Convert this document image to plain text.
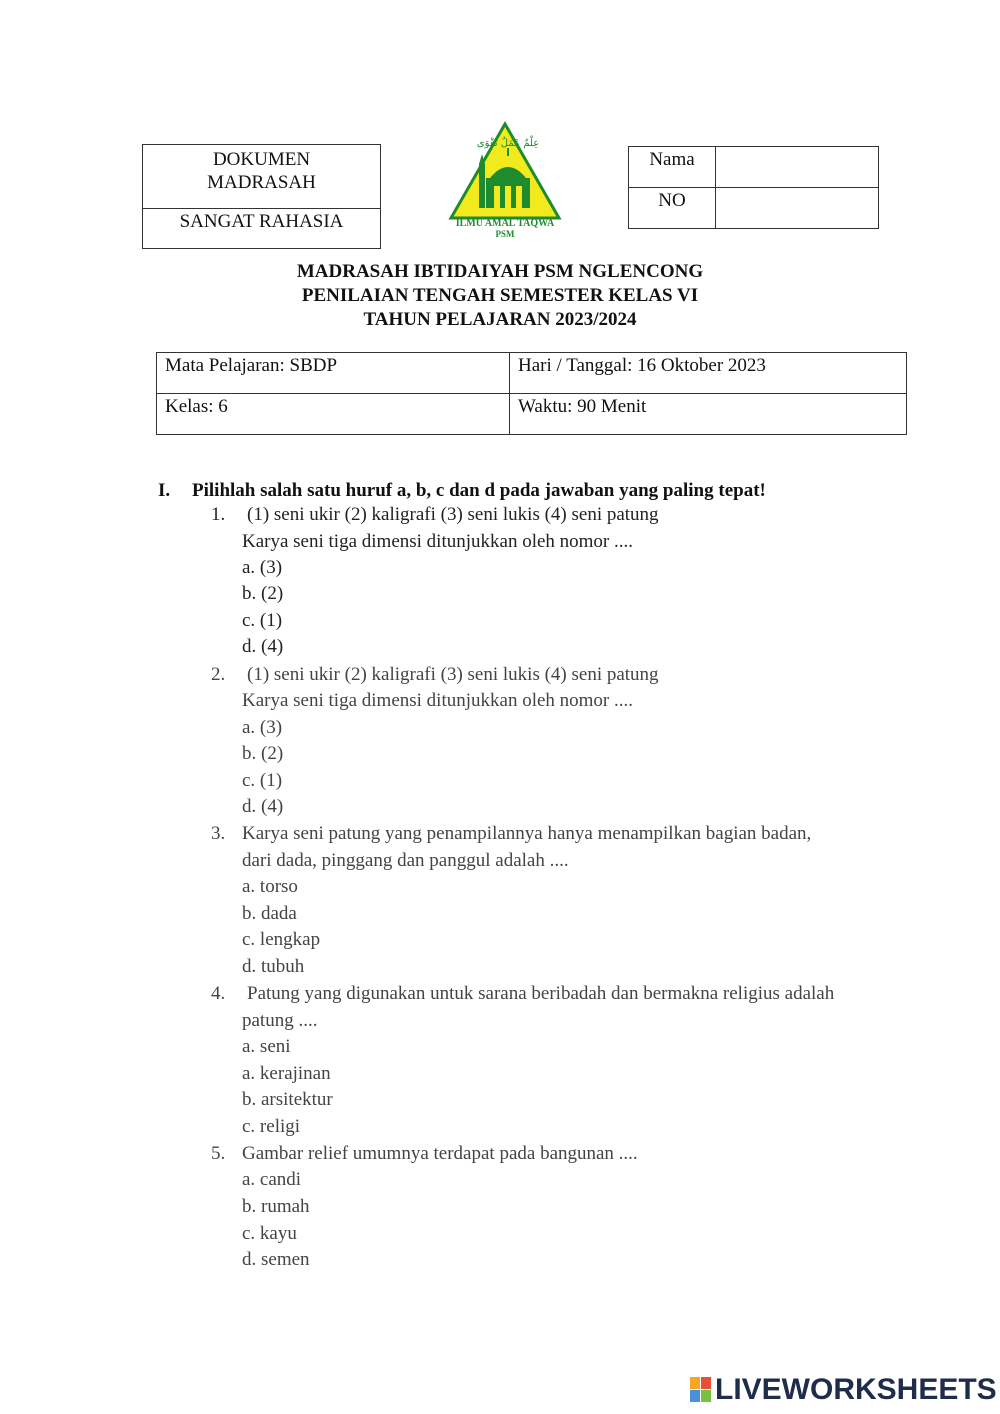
DOKUMEN
MADRASAH

SANGAT RAHASIA
عِلْمٌ عَمَلٌ تَقْوَى
ILMU AMAL TAQWA
PSM
Nama	
NO	
MADRASAH IBTIDAIYAH PSM NGLENCONG
PENILAIAN TENGAH SEMESTER KELAS VI
TAHUN PELAJARAN 2023/2024
Mata Pelajaran: SBDP	Hari / Tanggal: 16 Oktober 2023
Kelas: 6	Waktu: 90 Menit
I. Pilihlah salah satu huruf a, b, c dan d pada jawaban yang paling tepat!
1. (1) seni ukir (2) kaligrafi (3) seni lukis (4) seni patung
Karya seni tiga dimensi ditunjukkan oleh nomor ....
a. (3)
b. (2)
c. (1)
d. (4)
2. (1) seni ukir (2) kaligrafi (3) seni lukis (4) seni patung
Karya seni tiga dimensi ditunjukkan oleh nomor ....
a. (3)
b. (2)
c. (1)
d. (4)
3. Karya seni patung yang penampilannya hanya menampilkan bagian badan,
dari dada, pinggang dan panggul adalah ....
a. torso
b. dada
c. lengkap
d. tubuh
4. Patung yang digunakan untuk sarana beribadah dan bermakna religius adalah
patung ....
a. seni
a. kerajinan
b. arsitektur
c. religi
5. Gambar relief umumnya terdapat pada bangunan ....
a. candi
b. rumah
c. kayu
d. semen
LIVEWORKSHEETS
